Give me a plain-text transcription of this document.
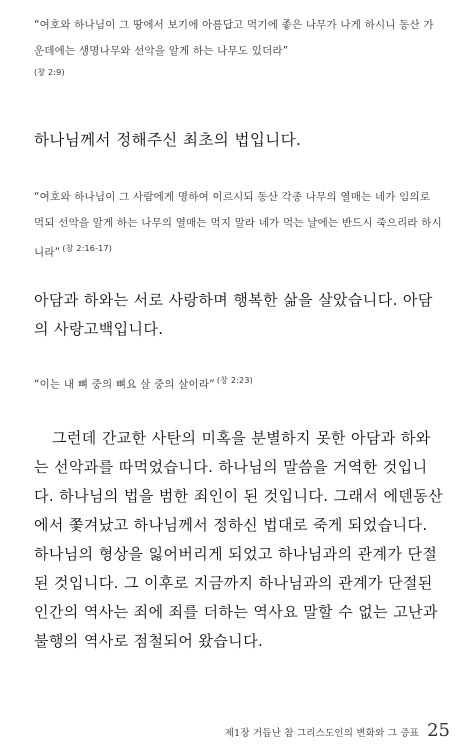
“여호와 하나님이 그 땅에서 보기에 아름답고 먹기에 좋은 나무가 나게 하시니 동산 가운데에는 생명나무와 선악을 알게 하는 나무도 있더라”
(창 2:9)
하나님께서 정해주신 최초의 법입니다.
“여호와 하나님이 그 사람에게 명하여 이르시되 동산 각종 나무의 열매는 네가 임의로 먹되 선악을 알게 하는 나무의 열매는 먹지 말라 네가 먹는 날에는 반드시 죽으리라 하시니라” $^{(창 2:16-17)}$
아담과 하와는 서로 사랑하며 행복한 삶을 살았습니다. 아담의 사랑고백입니다.
“이는 내 뼈 중의 뼈요 살 중의 살이라” $^{(창 2:23)}$
그런데 간교한 사탄의 미혹을 분별하지 못한 아담과 하와는 선악과를 따먹었습니다. 하나님의 말씀을 거역한 것입니다. 하나님의 법을 범한 죄인이 된 것입니다. 그래서 에덴동산에서 쫓겨났고 하나님께서 정하신 법대로 죽게 되었습니다. 하나님의 형상을 잃어버리게 되었고 하나님과의 관계가 단절된 것입니다. 그 이후로 지금까지 하나님과의 관계가 단절된 인간의 역사는 죄에 죄를 더하는 역사요 말할 수 없는 고난과 불행의 역사로 점철되어 왔습니다.
제1장 거듭난 참 그리스도인의 변화와 그 증표 25
